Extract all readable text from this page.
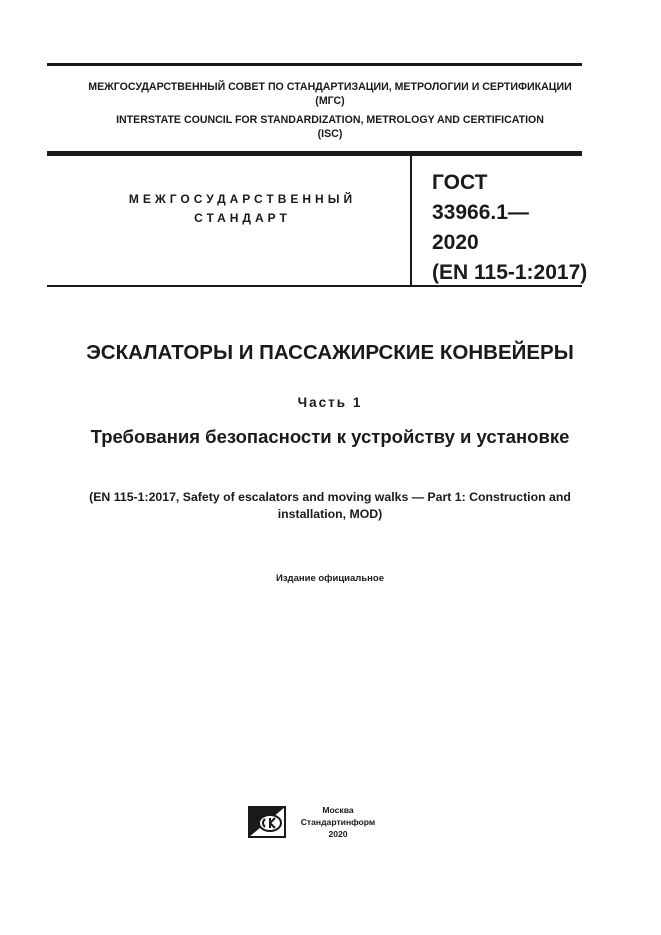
МЕЖГОСУДАРСТВЕННЫЙ СОВЕТ ПО СТАНДАРТИЗАЦИИ, МЕТРОЛОГИИ И СЕРТИФИКАЦИИ
(МГС)
INTERSTATE COUNCIL FOR STANDARDIZATION, METROLOGY AND CERTIFICATION
(ISC)
МЕЖГОСУДАРСТВЕННЫЙ
СТАНДАРТ
ГОСТ
33966.1—
2020
(EN 115-1:2017)
ЭСКАЛАТОРЫ И ПАССАЖИРСКИЕ КОНВЕЙЕРЫ
Часть 1
Требования безопасности к устройству и установке
(EN 115-1:2017, Safety of escalators and moving walks — Part 1: Construction and
installation, MOD)
Издание официальное
Москва
Стандартинформ
2020
